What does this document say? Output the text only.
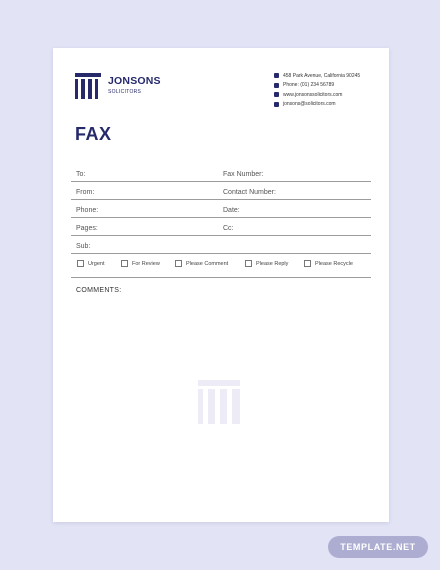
JONSONS
SOLICITORS
458 Park Avenue, California 90245
Phone: (01) 234 56789
www.jonsonssolicitors.com
jonsons@solicitors.com
FAX
To:	Fax Number:
From:	Contact Number:
Phone:	Date:
Pages:	Cc:
Sub:
Urgent	For Review	Please Comment	Please Reply	Please Recycle
COMMENTS:
TEMPLATE.NET
